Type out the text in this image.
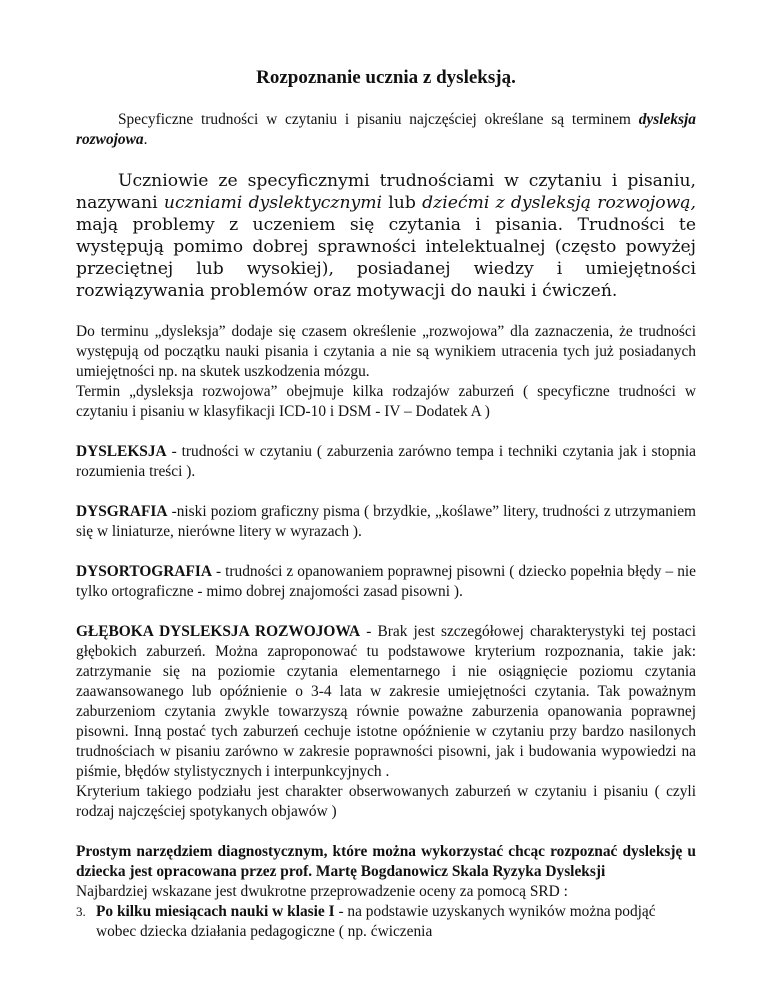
Rozpoznanie ucznia z dysleksją.

Specyficzne trudności w czytaniu i pisaniu najczęściej określane są terminem dysleksja rozwojowa.

Uczniowie ze specyficznymi trudnościami w czytaniu i pisaniu, nazywani uczniami dyslektycznymi lub dziećmi z dysleksją rozwojową, mają problemy z uczeniem się czytania i pisania. Trudności te występują pomimo dobrej sprawności intelektualnej (często powyżej przeciętnej lub wysokiej), posiadanej wiedzy i umiejętności rozwiązywania problemów oraz motywacji do nauki i ćwiczeń.

Do terminu „dysleksja” dodaje się czasem określenie „rozwojowa” dla zaznaczenia, że trudności występują od początku nauki pisania i czytania a nie są wynikiem utracenia tych już posiadanych umiejętności np. na skutek uszkodzenia mózgu.

Termin „dysleksja rozwojowa” obejmuje kilka rodzajów zaburzeń ( specyficzne trudności w czytaniu i pisaniu w klasyfikacji ICD-10 i DSM - IV – Dodatek A )

DYSLEKSJA - trudności w czytaniu ( zaburzenia zarówno tempa i techniki czytania jak i stopnia rozumienia treści ).

DYSGRAFIA -niski poziom graficzny pisma ( brzydkie, „koślawe” litery, trudności z utrzymaniem się w liniaturze, nierówne litery w wyrazach ).

DYSORTOGRAFIA - trudności z opanowaniem poprawnej pisowni ( dziecko popełnia błędy – nie tylko ortograficzne - mimo dobrej znajomości zasad pisowni ).

GŁĘBOKA DYSLEKSJA ROZWOJOWA - Brak jest szczegółowej charakterystyki tej postaci głębokich zaburzeń. Można zaproponować tu podstawowe kryterium rozpoznania, takie jak: zatrzymanie się na poziomie czytania elementarnego i nie osiągnięcie poziomu czytania zaawansowanego lub opóźnienie o 3-4 lata w zakresie umiejętności czytania. Tak poważnym zaburzeniom czytania zwykle towarzyszą równie poważne zaburzenia opanowania poprawnej pisowni. Inną postać tych zaburzeń cechuje istotne opóźnienie w czytaniu przy bardzo nasilonych trudnościach w pisaniu zarówno w zakresie poprawności pisowni, jak i budowania wypowiedzi na piśmie, błędów stylistycznych i interpunkcyjnych .

Kryterium takiego podziału jest charakter obserwowanych zaburzeń w czytaniu i pisaniu ( czyli rodzaj najczęściej spotykanych objawów )

Prostym narzędziem diagnostycznym, które można wykorzystać chcąc rozpoznać dysleksję u dziecka jest opracowana przez prof. Martę Bogdanowicz Skala Ryzyka Dysleksji

Najbardziej wskazane jest dwukrotne przeprowadzenie oceny za pomocą SRD :

3. Po kilku miesiącach nauki w klasie I - na podstawie uzyskanych wyników można podjąć wobec dziecka działania pedagogiczne ( np. ćwiczenia
